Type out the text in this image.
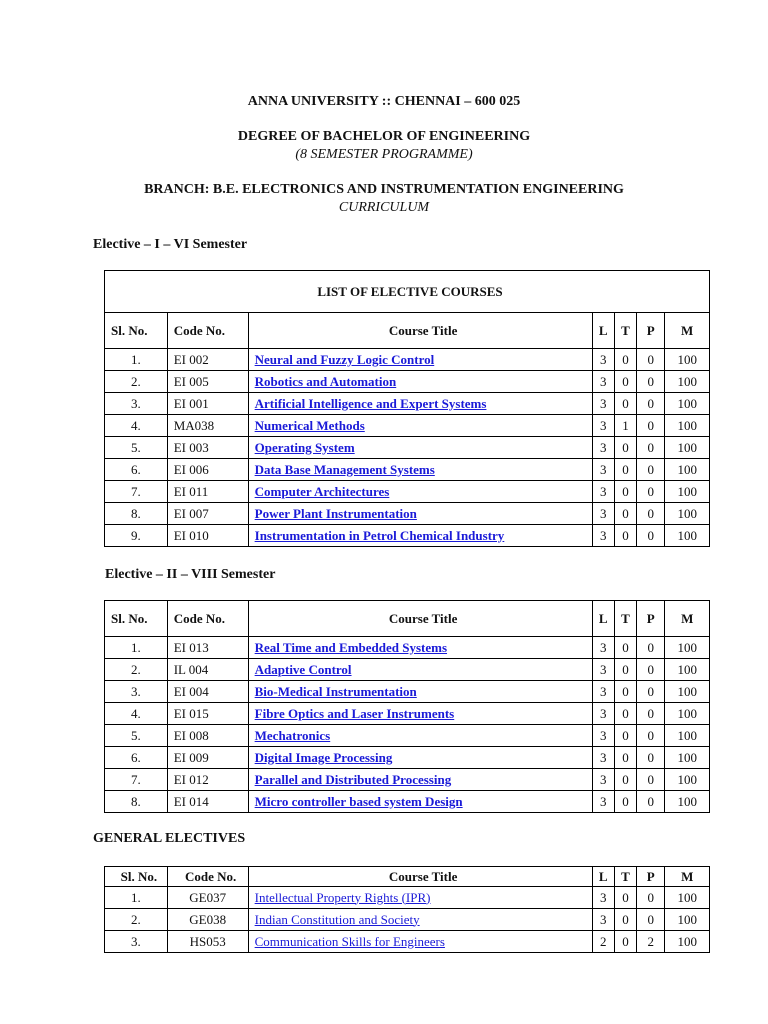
ANNA UNIVERSITY :: CHENNAI – 600 025
DEGREE OF BACHELOR OF ENGINEERING
(8 SEMESTER PROGRAMME)
BRANCH: B.E. ELECTRONICS AND INSTRUMENTATION ENGINEERING
CURRICULUM
Elective – I – VI Semester
LIST OF ELECTIVE COURSES						
Sl. No.	Code No.	Course Title	L	T	P	M
1.	EI 002	Neural and Fuzzy Logic Control	3	0	0	100
2.	EI 005	Robotics and Automation	3	0	0	100
3.	EI 001	Artificial Intelligence and Expert Systems	3	0	0	100
4.	MA038	Numerical Methods	3	1	0	100
5.	EI 003	Operating System	3	0	0	100
6.	EI 006	Data Base Management Systems	3	0	0	100
7.	EI 011	Computer Architectures	3	0	0	100
8.	EI 007	Power Plant Instrumentation	3	0	0	100
9.	EI 010	Instrumentation in Petrol Chemical Industry	3	0	0	100
Elective – II – VIII Semester
Sl. No.	Code No.	Course Title	L	T	P	M
1.	EI 013	Real Time and Embedded Systems	3	0	0	100
2.	IL 004	Adaptive Control	3	0	0	100
3.	EI 004	Bio-Medical Instrumentation	3	0	0	100
4.	EI 015	Fibre Optics and Laser Instruments	3	0	0	100
5.	EI 008	Mechatronics	3	0	0	100
6.	EI 009	Digital Image Processing	3	0	0	100
7.	EI 012	Parallel and Distributed Processing	3	0	0	100
8.	EI 014	Micro controller based system Design	3	0	0	100
GENERAL ELECTIVES
Sl. No.	Code No.	Course Title	L	T	P	M
1.	GE037	Intellectual Property Rights (IPR)	3	0	0	100
2.	GE038	Indian Constitution and Society	3	0	0	100
3.	HS053	Communication Skills for Engineers	2	0	2	100
